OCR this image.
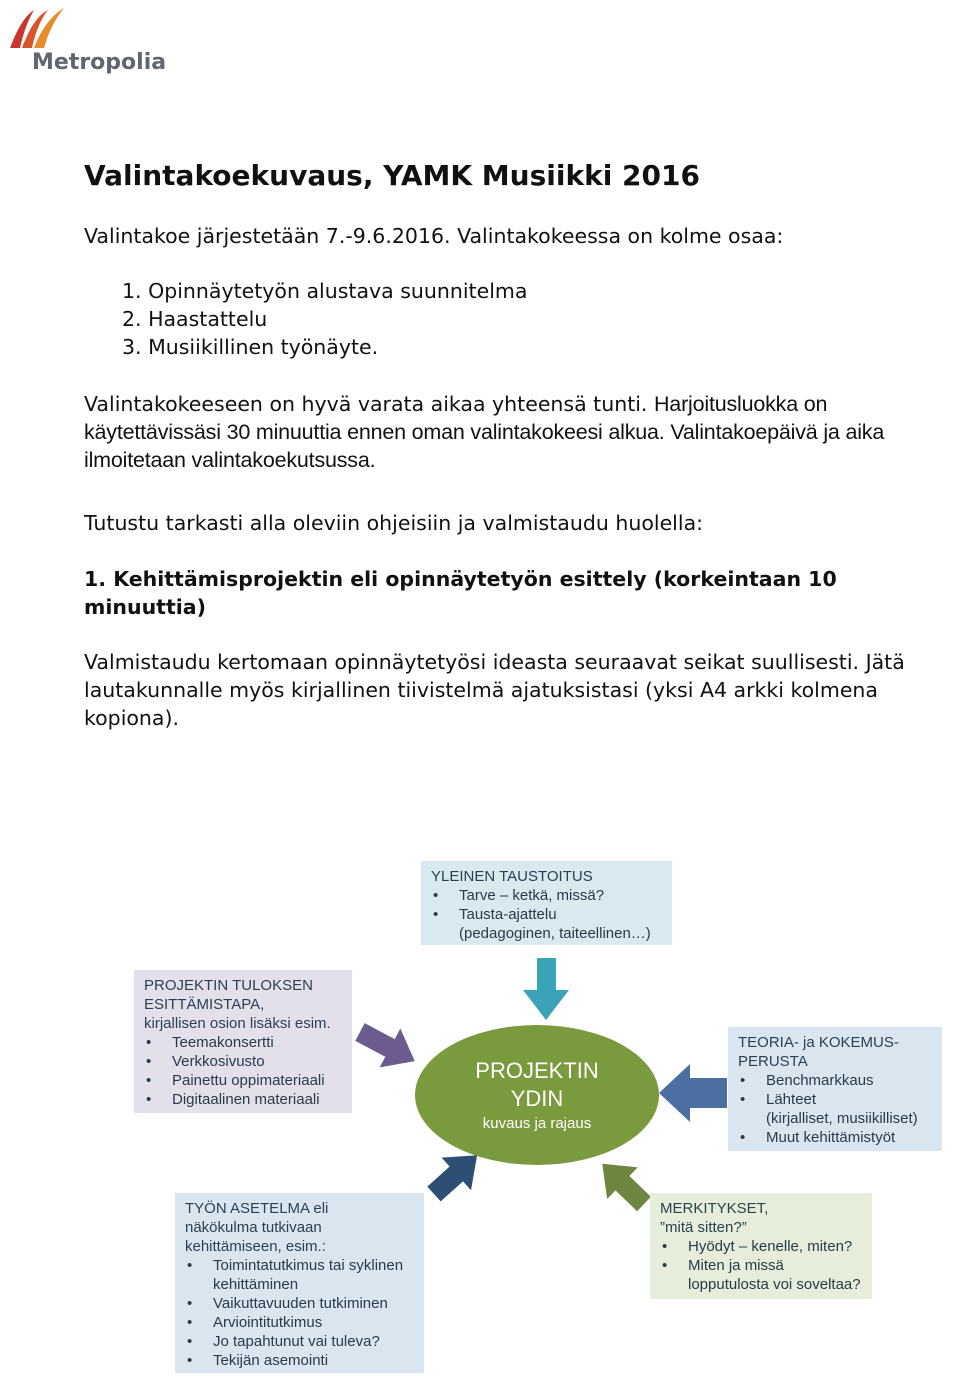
Metropolia
Valintakoekuvaus, YAMK Musiikki 2016

Valintakoe järjestetään 7.-9.6.2016. Valintakokeessa on kolme osaa:

1. Opinnäytetyön alustava suunnitelma
2. Haastattelu
3. Musiikillinen työnäyte.

Valintakokeeseen on hyvä varata aikaa yhteensä tunti. Harjoitusluokka on käytettävissäsi 30 minuuttia ennen oman valintakokeesi alkua. Valintakoepäivä ja aika ilmoitetaan valintakoekutsussa.

Tutustu tarkasti alla oleviin ohjeisiin ja valmistaudu huolella:

1. Kehittämisprojektin eli opinnäytetyön esittely (korkeintaan 10 minuuttia)

Valmistaudu kertomaan opinnäytetyösi ideasta seuraavat seikat suullisesti. Jätä lautakunnalle myös kirjallinen tiivistelmä ajatuksistasi (yksi A4 arkki kolmena kopiona).

PROJEKTIN
YDIN
kuvaus ja rajaus
YLEINEN TAUSTOITUS
• Tarve – ketkä, missä?
• Tausta-ajattelu
(pedagoginen, taiteellinen…)
PROJEKTIN TULOKSEN
ESITTÄMISTAPA,
kirjallisen osion lisäksi esim.
• Teemakonsertti
• Verkkosivusto
• Painettu oppimateriaali
• Digitaalinen materiaali
TEORIA- ja KOKEMUS-
PERUSTA
• Benchmarkkaus
• Lähteet
(kirjalliset, musiikilliset)
• Muut kehittämistyöt
TYÖN ASETELMA eli
näkökulma tutkivaan
kehittämiseen, esim.:
• Toimintatutkimus tai syklinen
kehittäminen
• Vaikuttavuuden tutkiminen
• Arviointitutkimus
• Jo tapahtunut vai tuleva?
• Tekijän asemointi
MERKITYKSET,
”mitä sitten?”
• Hyödyt – kenelle, miten?
• Miten ja missä
lopputulosta voi soveltaa?
